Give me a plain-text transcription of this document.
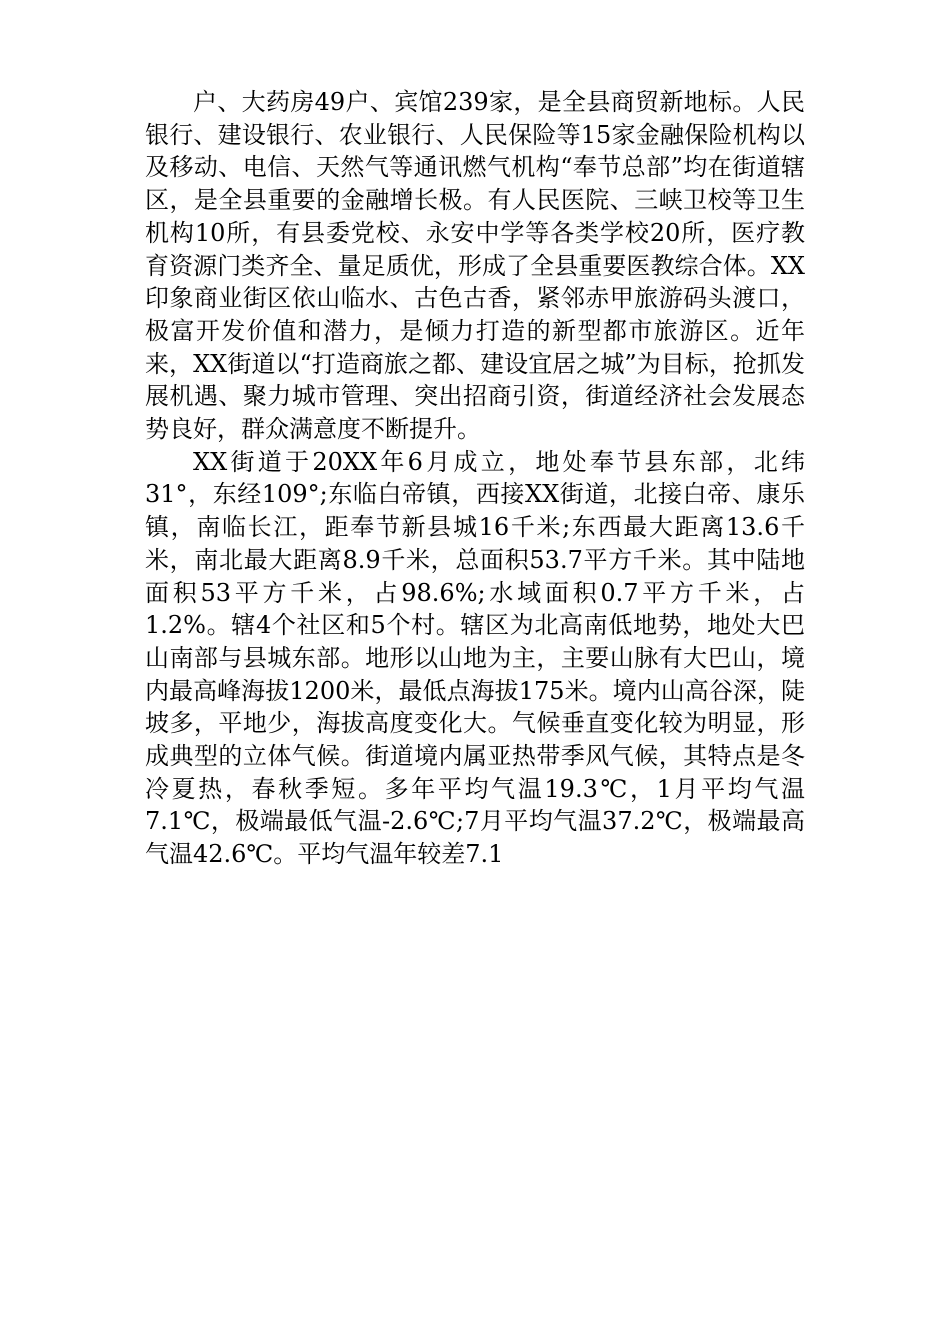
户、大药房49户、宾馆239家，是全县商贸新地标。人民银行、建设银行、农业银行、人民保险等15家金融保险机构以及移动、电信、天然气等通讯燃气机构“奉节总部”均在街道辖区，是全县重要的金融增长极。有人民医院、三峡卫校等卫生机构10所，有县委党校、永安中学等各类学校20所，医疗教育资源门类齐全、量足质优，形成了全县重要医教综合体。XX印象商业街区依山临水、古色古香，紧邻赤甲旅游码头渡口，极富开发价值和潜力，是倾力打造的新型都市旅游区。近年来，XX街道以“打造商旅之都、建设宜居之城”为目标，抢抓发展机遇、聚力城市管理、突出招商引资，街道经济社会发展态势良好，群众满意度不断提升。

XX街道于20XX年6月成立，地处奉节县东部，北纬31°，东经109°;东临白帝镇，西接XX街道，北接白帝、康乐镇，南临长江，距奉节新县城16千米;东西最大距离13.6千米，南北最大距离8.9千米，总面积53.7平方千米。其中陆地面积53平方千米，占98.6%;水域面积0.7平方千米，占1.2%。辖4个社区和5个村。辖区为北高南低地势，地处大巴山南部与县城东部。地形以山地为主，主要山脉有大巴山，境内最高峰海拔1200米，最低点海拔175米。境内山高谷深，陡坡多，平地少，海拔高度变化大。气候垂直变化较为明显，形成典型的立体气候。街道境内属亚热带季风气候，其特点是冬冷夏热，春秋季短。多年平均气温19.3℃，1月平均气温7.1℃，极端最低气温-2.6℃;7月平均气温37.2℃，极端最高气温42.6℃。平均气温年较差7.1
